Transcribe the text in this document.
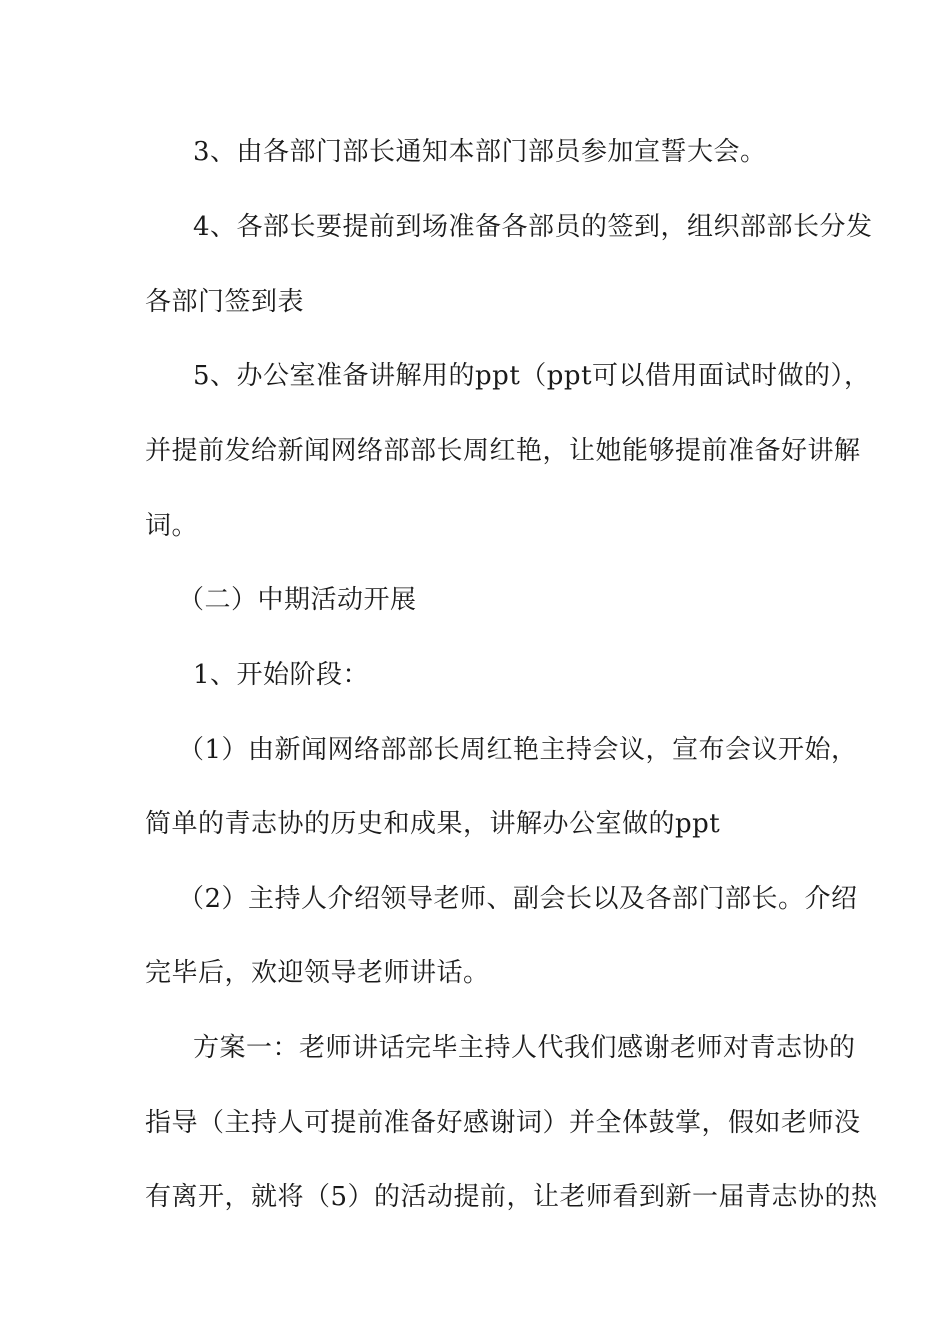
3、由各部门部长通知本部门部员参加宣誓大会。
4、各部长要提前到场准备各部员的签到，组织部部长分发
各部门签到表
5、办公室准备讲解用的ppt（ppt可以借用面试时做的），
并提前发给新闻网络部部长周红艳，让她能够提前准备好讲解
词。
（二）中期活动开展
1、开始阶段：
（1）由新闻网络部部长周红艳主持会议，宣布会议开始，
简单的青志协的历史和成果，讲解办公室做的ppt
（2）主持人介绍领导老师、副会长以及各部门部长。介绍
完毕后，欢迎领导老师讲话。
方案一：老师讲话完毕主持人代我们感谢老师对青志协的
指导（主持人可提前准备好感谢词）并全体鼓掌，假如老师没
有离开，就将（5）的活动提前，让老师看到新一届青志协的热
